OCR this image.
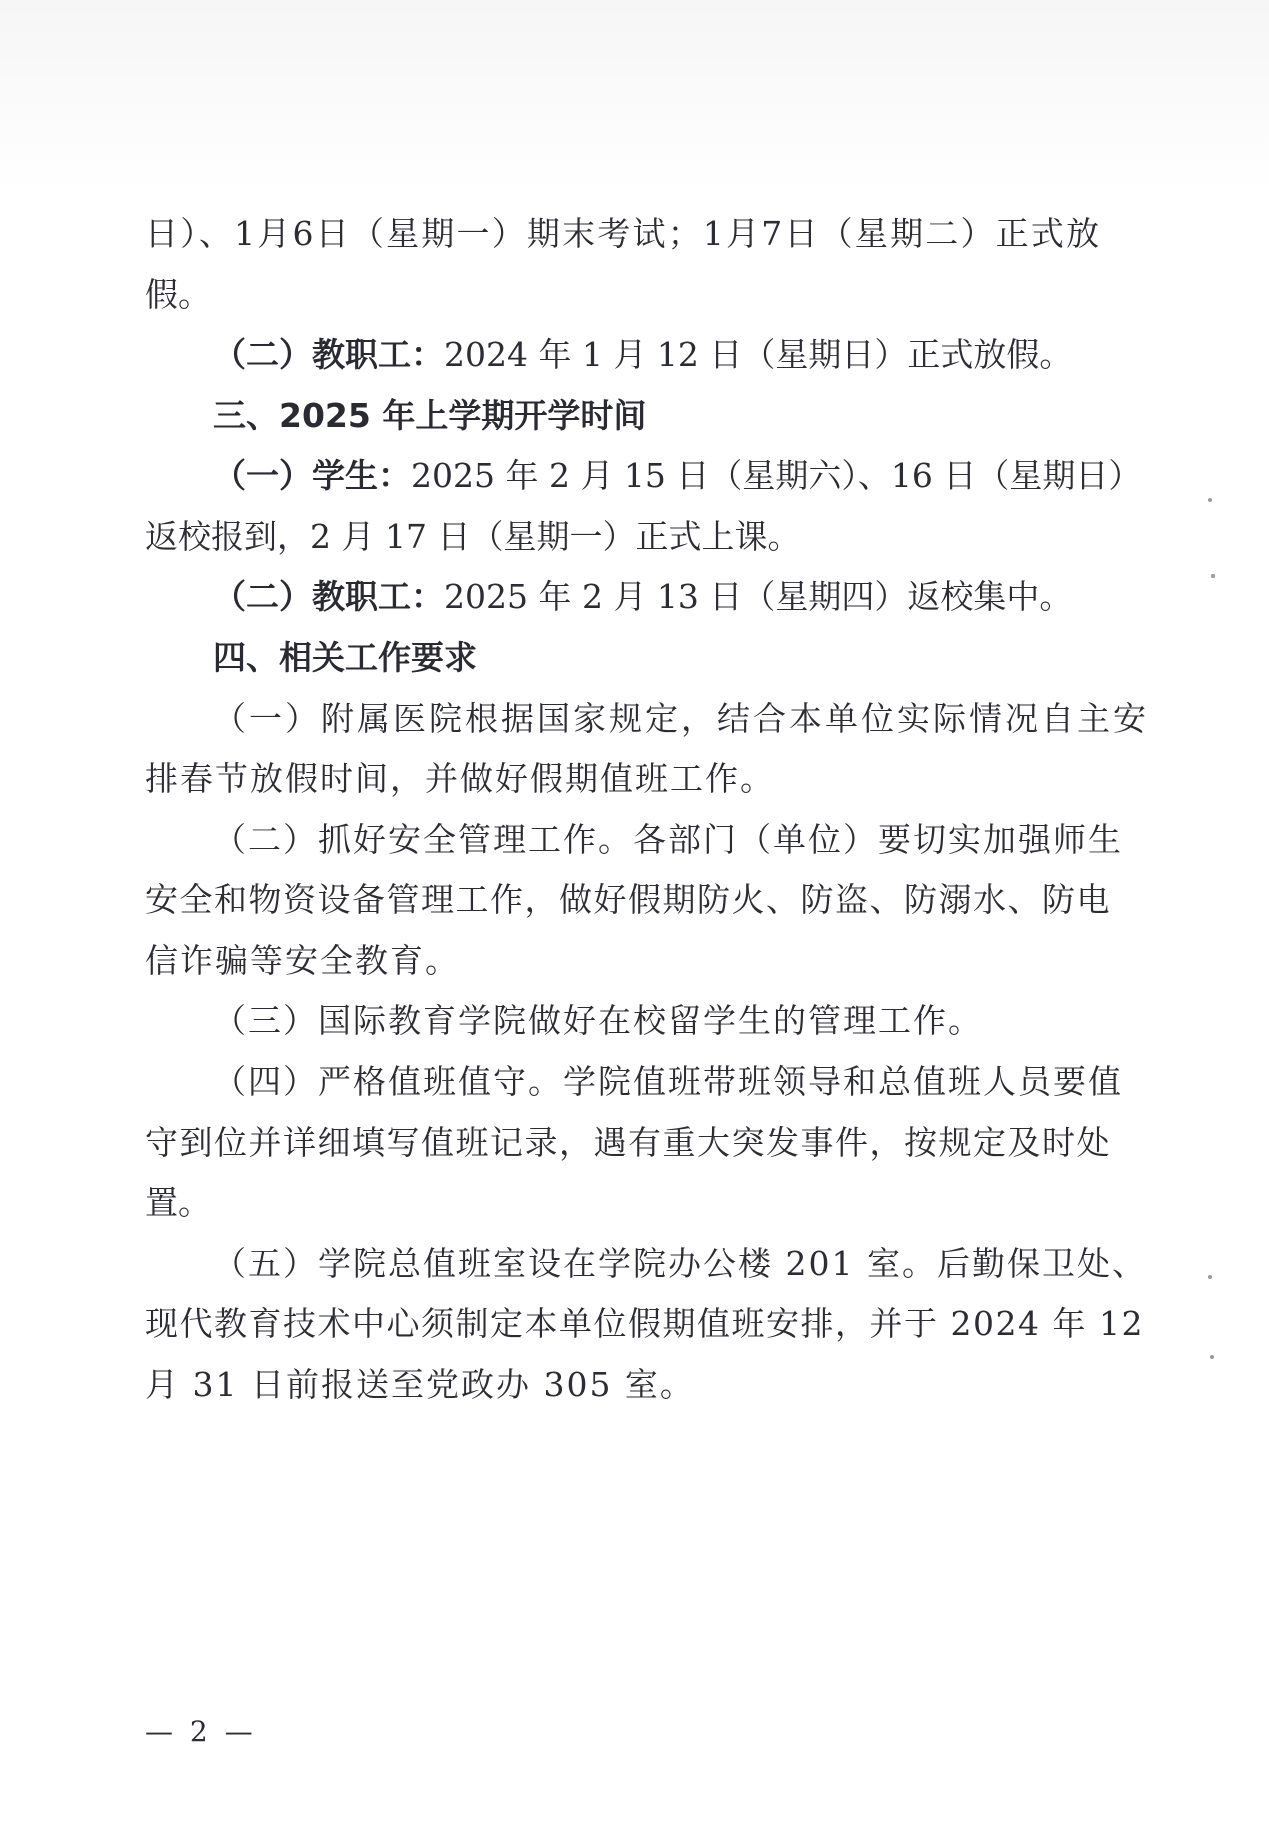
日）、1月6日（星期一）期末考试；1月7日（星期二）正式放
假。
（二）教职工：2024 年 1 月 12 日（星期日）正式放假。
三、2025 年上学期开学时间
（一）学生：2025 年 2 月 15 日（星期六）、16 日（星期日）
返校报到，2 月 17 日（星期一）正式上课。
（二）教职工：2025 年 2 月 13 日（星期四）返校集中。
四、相关工作要求
（一）附属医院根据国家规定，结合本单位实际情况自主安
排春节放假时间，并做好假期值班工作。
（二）抓好安全管理工作。各部门（单位）要切实加强师生
安全和物资设备管理工作，做好假期防火、防盗、防溺水、防电
信诈骗等安全教育。
（三）国际教育学院做好在校留学生的管理工作。
（四）严格值班值守。学院值班带班领导和总值班人员要值
守到位并详细填写值班记录，遇有重大突发事件，按规定及时处
置。
（五）学院总值班室设在学院办公楼 201 室。后勤保卫处、
现代教育技术中心须制定本单位假期值班安排，并于 2024 年 12
月 31 日前报送至党政办 305 室。
— 2 —
